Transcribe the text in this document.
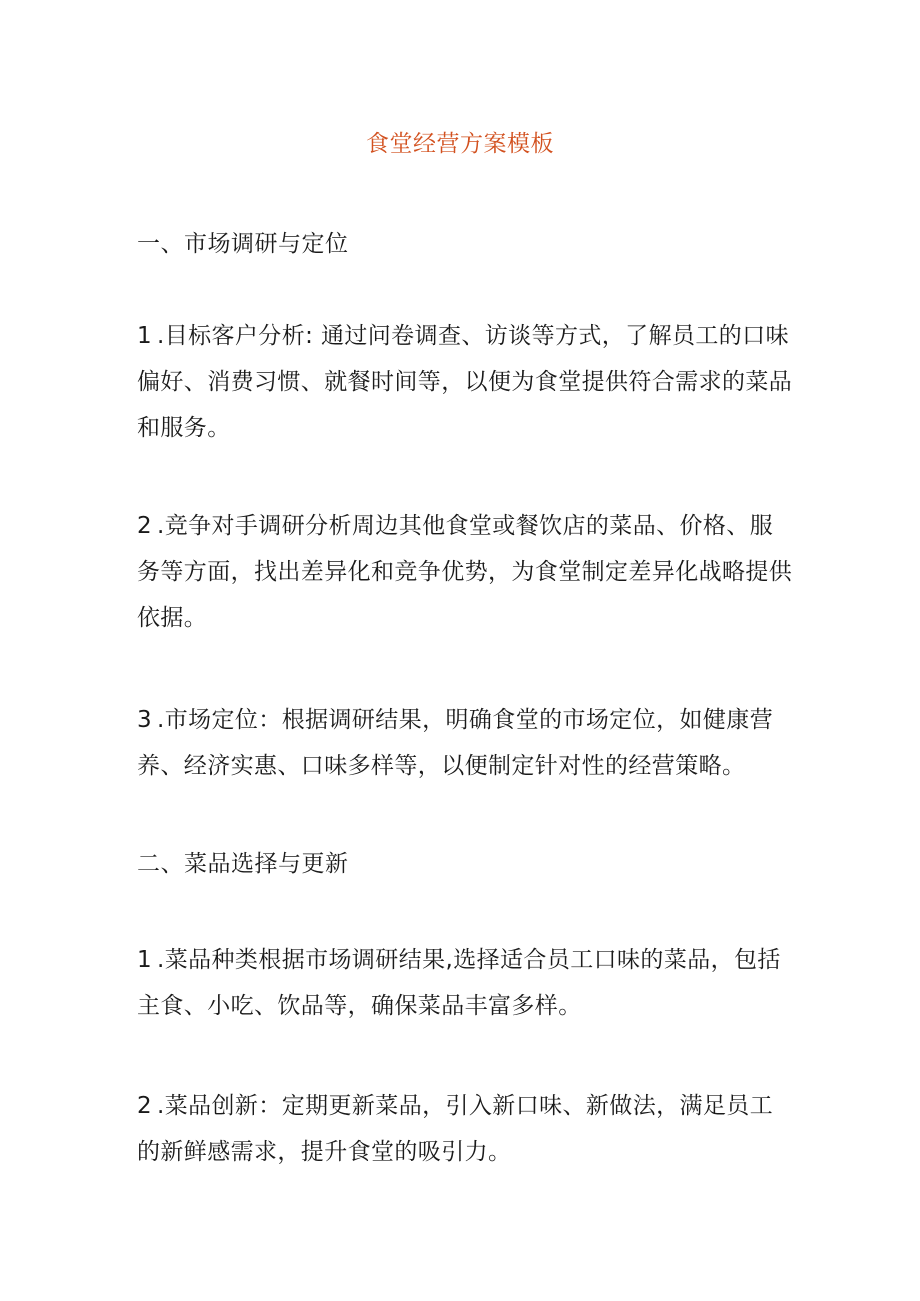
食堂经营方案模板
一、市场调研与定位
1 .目标客户分析: 通过问卷调查、访谈等方式，了解员工的口味
偏好、消费习惯、就餐时间等，以便为食堂提供符合需求的菜品
和服务。
2 .竞争对手调研分析周边其他食堂或餐饮店的菜品、价格、服
务等方面，找出差异化和竞争优势，为食堂制定差异化战略提供
依据。
3 .市场定位：根据调研结果，明确食堂的市场定位，如健康营
养、经济实惠、口味多样等，以便制定针对性的经营策略。
二、菜品选择与更新
1 .菜品种类根据市场调研结果,选择适合员工口味的菜品，包括
主食、小吃、饮品等，确保菜品丰富多样。
2 .菜品创新：定期更新菜品，引入新口味、新做法，满足员工
的新鲜感需求，提升食堂的吸引力。
